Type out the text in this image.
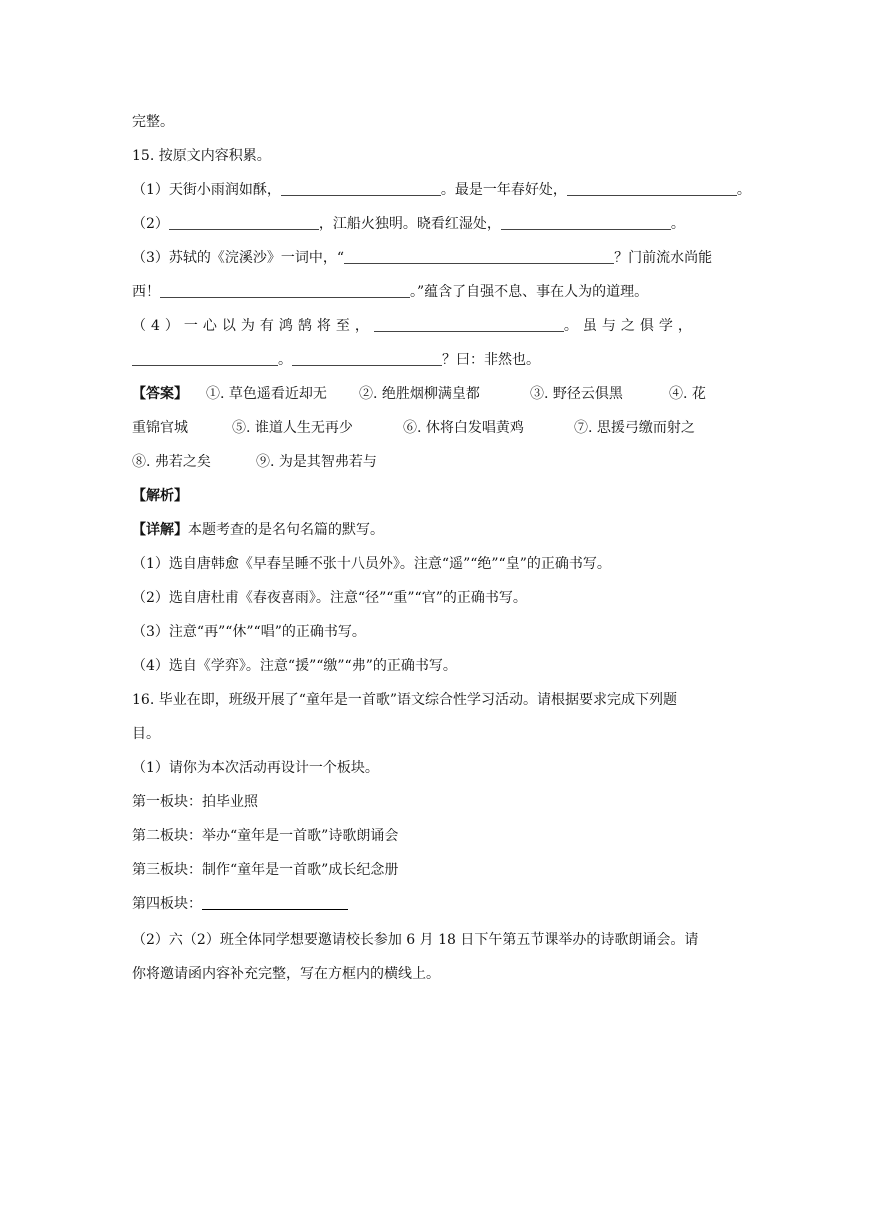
完整。
15. 按原文内容积累。
（1）天街小雨润如酥，	。最是一年春好处，	。
（2）	，江船火独明。晓看红湿处，	。
（3）苏轼的《浣溪沙》一词中，“	？门前流水尚能
西！	。”蕴含了自强不息、事在人为的道理。
（4）一心以为有鸿鹄将至，	。虽与之俱学，
。	？曰：非然也。
【答案】 ①. 草色遥看近却无 ②. 绝胜烟柳满皇都	③. 野径云俱黑	④. 花
重锦官城	⑤. 谁道人生无再少	⑥. 休将白发唱黄鸡	⑦. 思援弓缴而射之
⑧. 弗若之矣	⑨. 为是其智弗若与
【解析】
【详解】本题考查的是名句名篇的默写。
（1）选自唐韩愈《早春呈睡不张十八员外》。注意“遥”“绝”“皇”的正确书写。
（2）选自唐杜甫《春夜喜雨》。注意“径”“重”“官”的正确书写。
（3）注意“再”“休”“唱”的正确书写。
（4）选自《学弈》。注意“援”“缴”“弗”的正确书写。
16. 毕业在即，班级开展了“童年是一首歌”语文综合性学习活动。请根据要求完成下列题
目。
（1）请你为本次活动再设计一个板块。
第一板块：拍毕业照
第二板块：举办“童年是一首歌”诗歌朗诵会
第三板块：制作“童年是一首歌”成长纪念册
第四板块：
（2）六（2）班全体同学想要邀请校长参加 6 月 18 日下午第五节课举办的诗歌朗诵会。请
你将邀请函内容补充完整，写在方框内的横线上。
